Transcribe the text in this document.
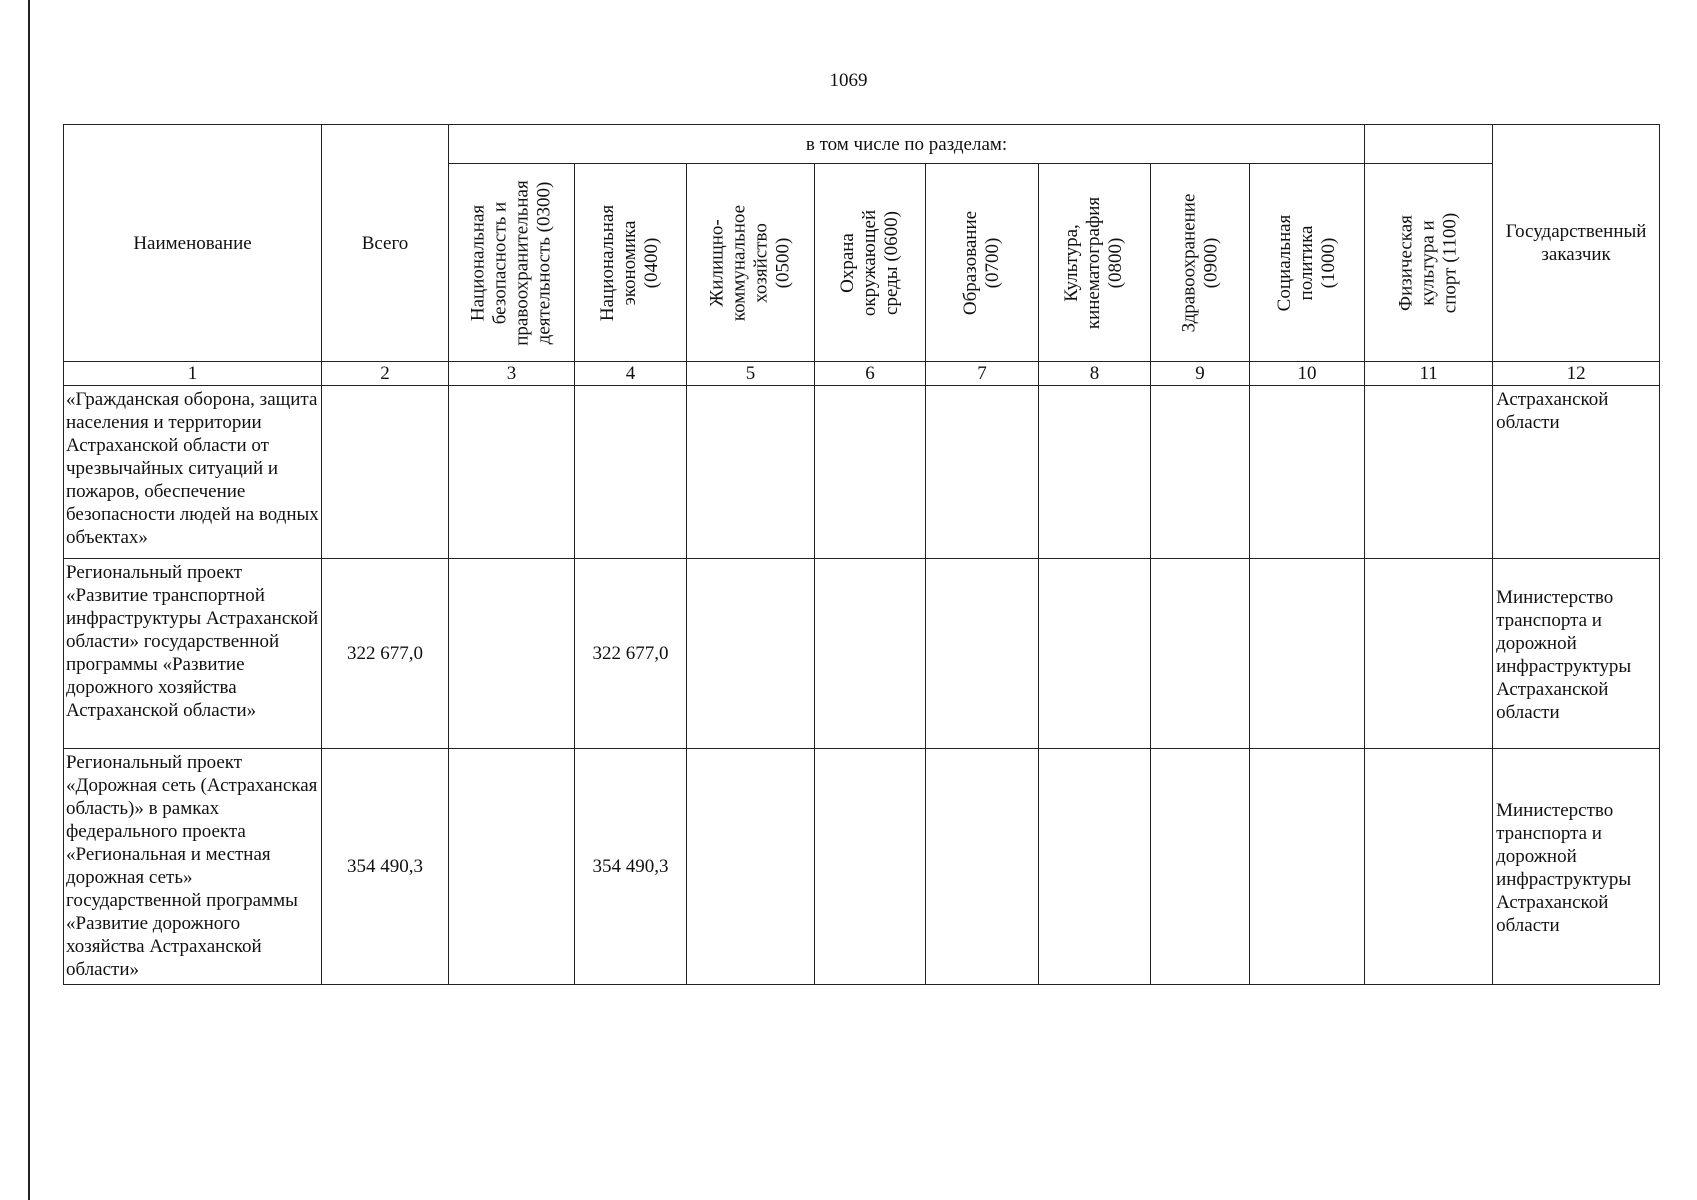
1069
Наименование	Всего	в том числе по разделам:									Государственный заказчик

		Национальная безопасность и правоохранительная деятельность (0300)	Национальная экономика (0400)	Жилищно-коммунальное хозяйство (0500)	Охрана окружающей среды (0600)	Образование (0700)	Культура, кинематография (0800)	Здравоохранение (0900)	Социальная политика (1000)	Физическая культура и спорт (1100)	

1	2	3	4	5	6	7	8	9	10	11	12
«Гражданская оборона, защита населения и территории Астраханской области от чрезвычайных ситуаций и пожаров, обеспечение безопасности людей на водных объектах»											Астраханской области
Региональный проект «Развитие транспортной инфраструктуры Астраханской области» государственной программы «Развитие дорожного хозяйства Астраханской области»	322 677,0		322 677,0								Министерство транспорта и дорожной инфраструктуры Астраханской области
Региональный проект «Дорожная сеть (Астраханская область)» в рамках федерального проекта «Региональная и местная дорожная сеть» государственной программы «Развитие дорожного хозяйства Астраханской области»	354 490,3		354 490,3								Министерство транспорта и дорожной инфраструктуры Астраханской области
